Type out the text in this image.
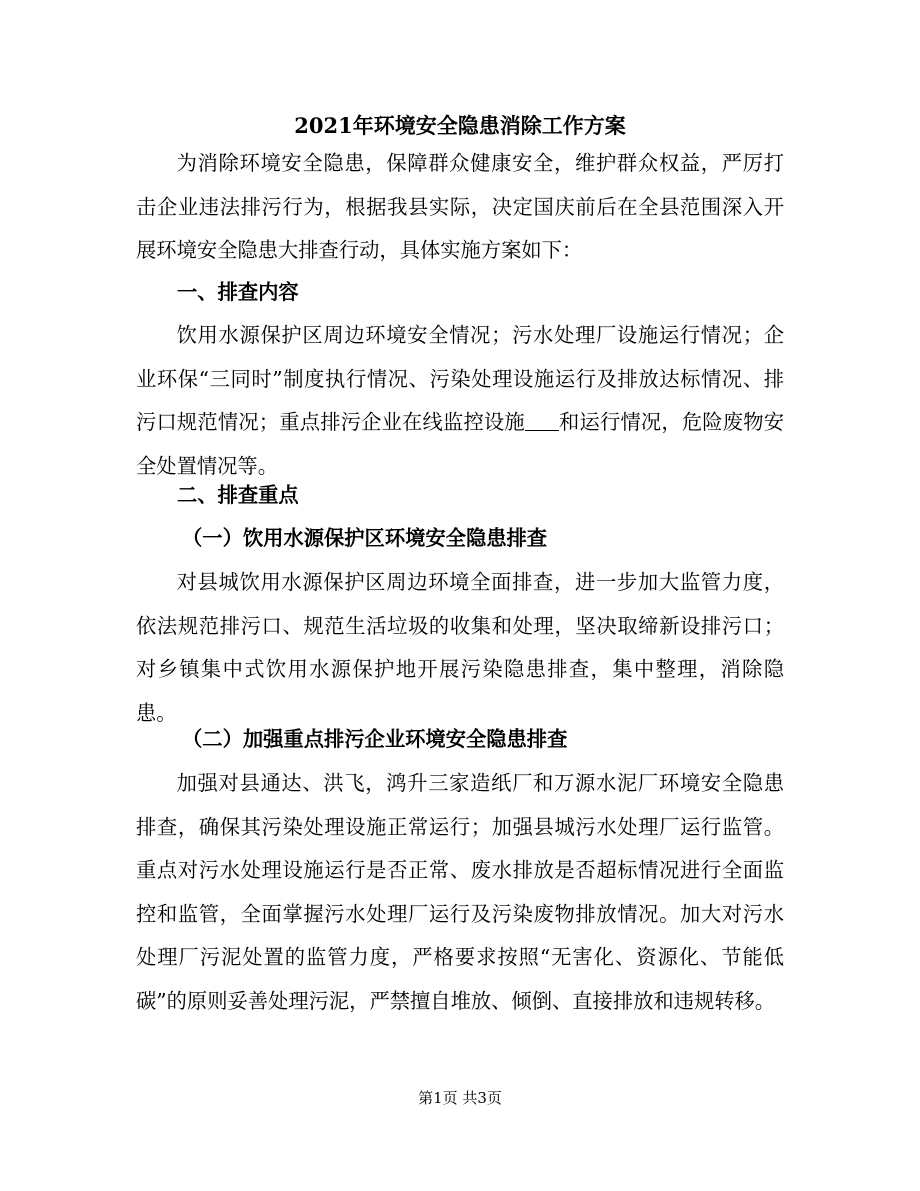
2021年环境安全隐患消除工作方案
为消除环境安全隐患，保障群众健康安全，维护群众权益，严厉打击企业违法排污行为，根据我县实际，决定国庆前后在全县范围深入开展环境安全隐患大排查行动，具体实施方案如下：
一、排查内容
饮用水源保护区周边环境安全情况；污水处理厂设施运行情况；企业环保“三同时”制度执行情况、污染处理设施运行及排放达标情况、排污口规范情况；重点排污企业在线监控设施 和运行情况，危险废物安全处置情况等。
二、排查重点
（一）饮用水源保护区环境安全隐患排查
对县城饮用水源保护区周边环境全面排查，进一步加大监管力度，依法规范排污口、规范生活垃圾的收集和处理，坚决取缔新设排污口；对乡镇集中式饮用水源保护地开展污染隐患排查，集中整理，消除隐患。
（二）加强重点排污企业环境安全隐患排查
加强对县通达、洪飞，鸿升三家造纸厂和万源水泥厂环境安全隐患排查，确保其污染处理设施正常运行；加强县城污水处理厂运行监管。重点对污水处理设施运行是否正常、废水排放是否超标情况进行全面监控和监管，全面掌握污水处理厂运行及污染废物排放情况。加大对污水处理厂污泥处置的监管力度，严格要求按照“无害化、资源化、节能低碳”的原则妥善处理污泥，严禁擅自堆放、倾倒、直接排放和违规转移。
第1页 共3页
